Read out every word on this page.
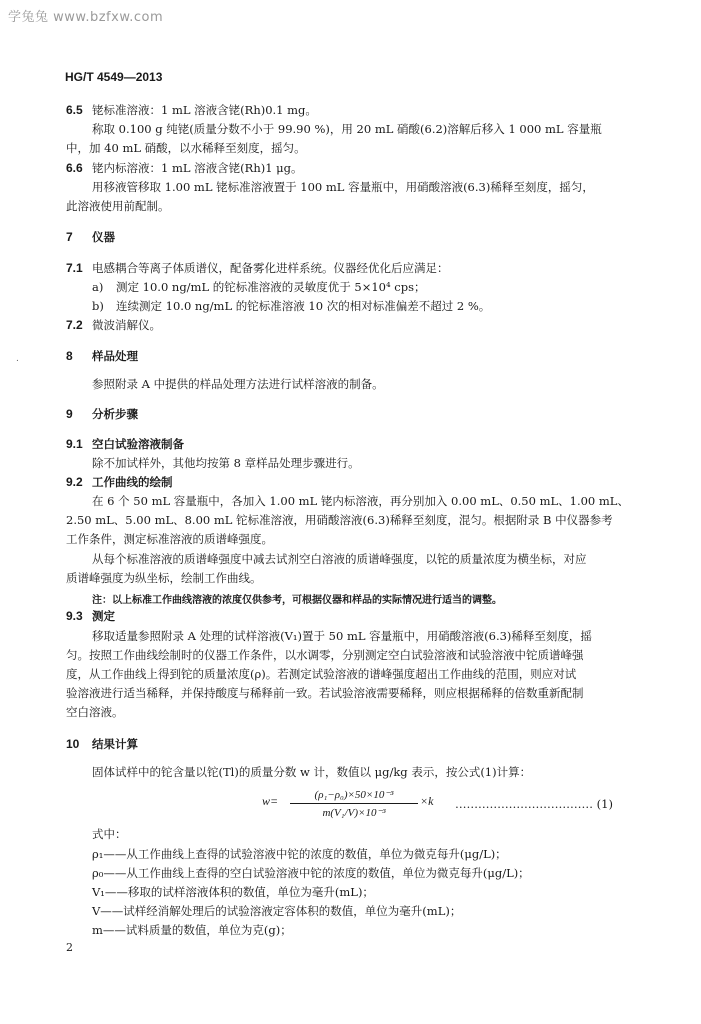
学兔兔 www.bzfxw.com
HG/T 4549—2013
6.5 铑标准溶液：1 mL 溶液含铑(Rh)0.1 mg。
称取 0.100 g 纯铑(质量分数不小于 99.90 %)，用 20 mL 硝酸(6.2)溶解后移入 1 000 mL 容量瓶
中，加 40 mL 硝酸，以水稀释至刻度，摇匀。
6.6 铑内标溶液：1 mL 溶液含铑(Rh)1 μg。
用移液管移取 1.00 mL 铑标准溶液置于 100 mL 容量瓶中，用硝酸溶液(6.3)稀释至刻度，摇匀，
此溶液使用前配制。
7 仪器
7.1 电感耦合等离子体质谱仪，配备雾化进样系统。仪器经优化后应满足：
a) 测定 10.0 ng/mL 的铊标准溶液的灵敏度优于 5×10⁴ cps；
b) 连续测定 10.0 ng/mL 的铊标准溶液 10 次的相对标准偏差不超过 2 %。
7.2 微波消解仪。
.	8 样品处理
参照附录 A 中提供的样品处理方法进行试样溶液的制备。
9 分析步骤
9.1 空白试验溶液制备
除不加试样外，其他均按第 8 章样品处理步骤进行。
9.2 工作曲线的绘制
在 6 个 50 mL 容量瓶中，各加入 1.00 mL 铑内标溶液，再分别加入 0.00 mL、0.50 mL、1.00 mL、
2.50 mL、5.00 mL、8.00 mL 铊标准溶液，用硝酸溶液(6.3)稀释至刻度，混匀。根据附录 B 中仪器参考
工作条件，测定标准溶液的质谱峰强度。
从每个标准溶液的质谱峰强度中减去试剂空白溶液的质谱峰强度，以铊的质量浓度为横坐标，对应
质谱峰强度为纵坐标，绘制工作曲线。
注：以上标准工作曲线溶液的浓度仅供参考，可根据仪器和样品的实际情况进行适当的调整。
9.3 测定
移取适量参照附录 A 处理的试样溶液(V₁)置于 50 mL 容量瓶中，用硝酸溶液(6.3)稀释至刻度，摇
匀。按照工作曲线绘制时的仪器工作条件，以水调零，分别测定空白试验溶液和试验溶液中铊质谱峰强
度，从工作曲线上得到铊的质量浓度(ρ)。若测定试验溶液的谱峰强度超出工作曲线的范围，则应对试
验溶液进行适当稀释，并保持酸度与稀释前一致。若试验溶液需要稀释，则应根据稀释的倍数重新配制
空白溶液。
10 结果计算
固体试样中的铊含量以铊(Tl)的质量分数 w 计，数值以 μg/kg 表示，按公式(1)计算：
w=	(ρ₁−ρ₀)×50×10⁻³
m(V₁/V)×10⁻³
×k ……………………………… (1)
式中：
ρ₁——从工作曲线上查得的试验溶液中铊的浓度的数值，单位为微克每升(μg/L)；
ρ₀——从工作曲线上查得的空白试验溶液中铊的浓度的数值，单位为微克每升(μg/L)；
V₁——移取的试样溶液体积的数值，单位为毫升(mL)；
V——试样经消解处理后的试验溶液定容体积的数值，单位为毫升(mL)；
m——试料质量的数值，单位为克(g)；
2
